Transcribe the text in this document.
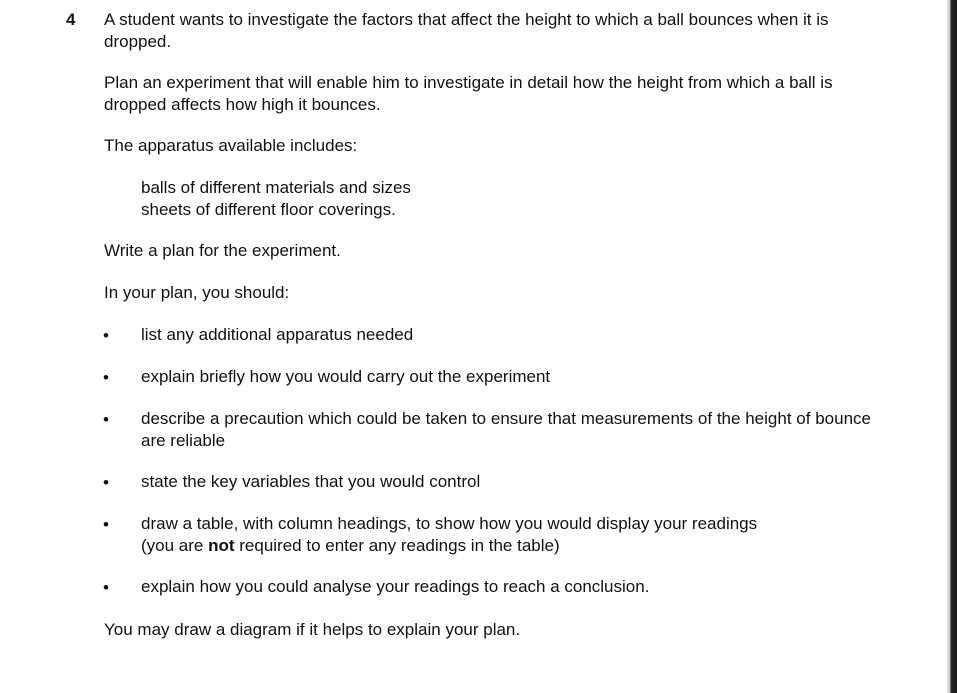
4 A student wants to investigate the factors that affect the height to which a ball bounces when it is dropped.

Plan an experiment that will enable him to investigate in detail how the height from which a ball is dropped affects how high it bounces.

The apparatus available includes:

balls of different materials and sizes

sheets of different floor coverings.

Write a plan for the experiment.

In your plan, you should:

• list any additional apparatus needed

• explain briefly how you would carry out the experiment

• describe a precaution which could be taken to ensure that measurements of the height of bounce are reliable

• state the key variables that you would control

• draw a table, with column headings, to show how you would display your readings

(you are not required to enter any readings in the table)

• explain how you could analyse your readings to reach a conclusion.

You may draw a diagram if it helps to explain your plan.
